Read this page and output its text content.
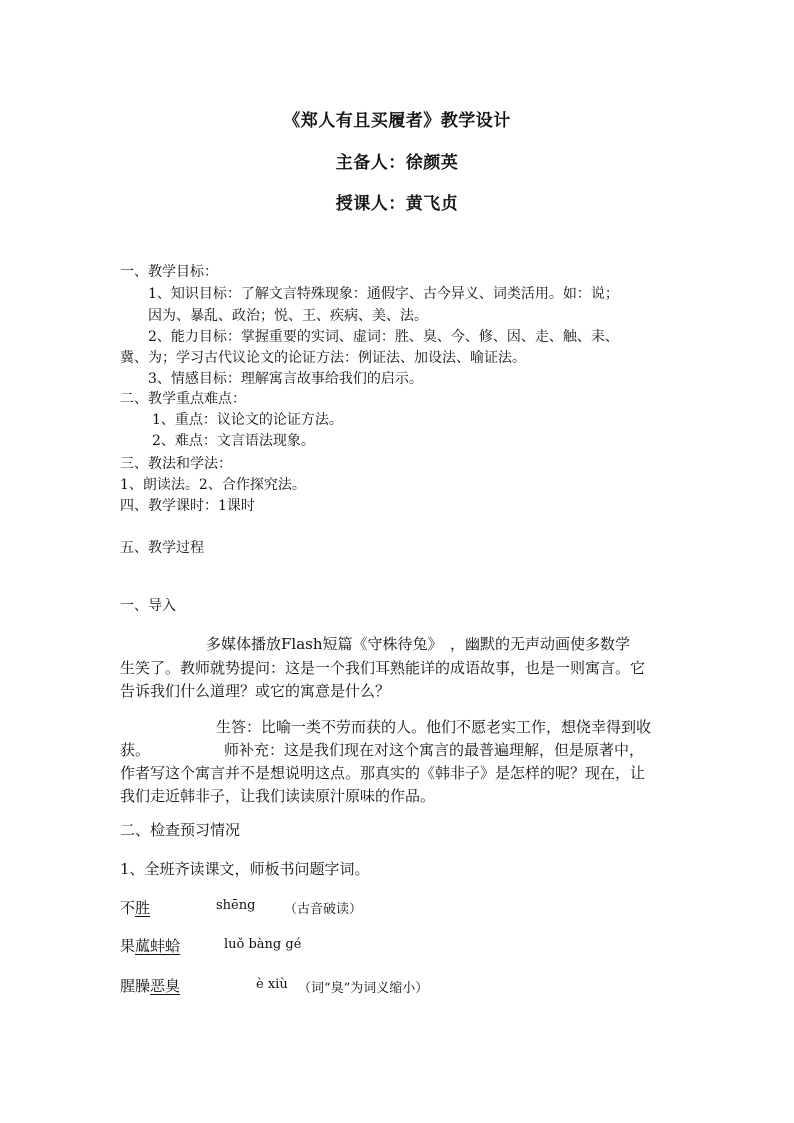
《郑人有且买履者》教学设计
主备人：徐颜英
授课人：黄飞贞
一、教学目标：
1、知识目标：了解文言特殊现象：通假字、古今异义、词类活用。如：说；
因为、暴乱、政治；悦、王、疾病、美、法。
2、能力目标：掌握重要的实词、虚词：胜、臭、今、修、因、走、触、耒、
冀、为；学习古代议论文的论证方法：例证法、加设法、喻证法。
3、情感目标：理解寓言故事给我们的启示。
二、教学重点难点：
1、重点：议论文的论证方法。
2、难点：文言语法现象。
三、教法和学法：
1、朗读法。2、合作探究法。
四、教学课时：1课时
五、教学过程
一、导入
多媒体播放Flash短篇《守株待兔》　，幽默的无声动画使多数学
生笑了。教师就势提问：这是一个我们耳熟能详的成语故事，也是一则寓言。它
告诉我们什么道理？或它的寓意是什么？
生答：比喻一类不劳而获的人。他们不愿老实工作，想侥幸得到收
获。	师补充：这是我们现在对这个寓言的最普遍理解，但是原著中，
作者写这个寓言并不是想说明这点。那真实的《韩非子》是怎样的呢？现在，让
我们走近韩非子，让我们读读原汁原味的作品。
二、检查预习情况
1、全班齐读课文，师板书问题字词。
不胜	shēng （古音破读）
果蓏蚌蛤	luǒ bàng gé
腥臊恶臭	è xiù （词“臭”为词义缩小）
